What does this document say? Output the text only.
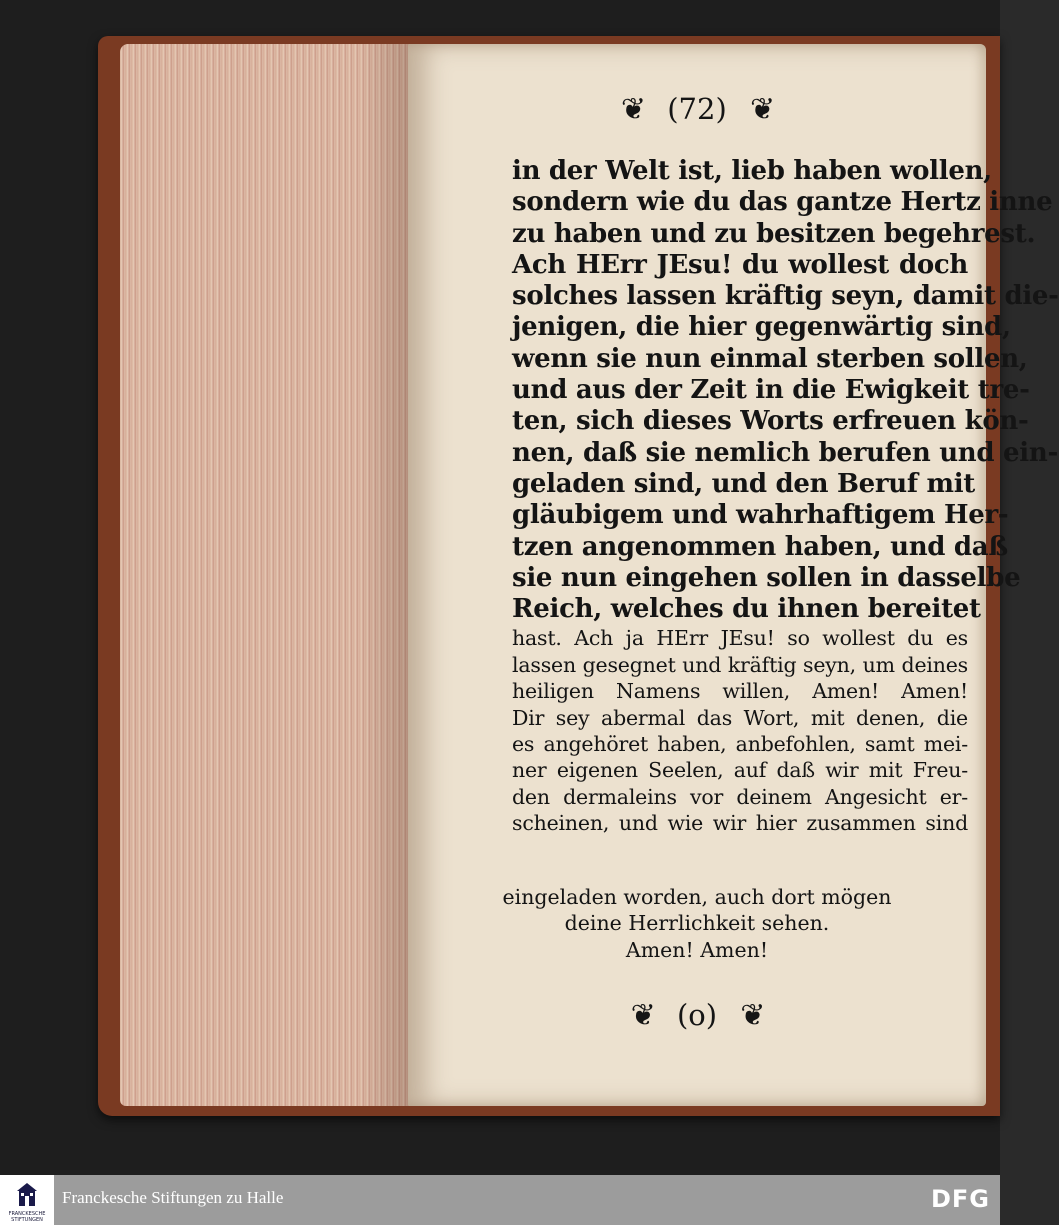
❦ (72) ❦
in der Welt ist, lieb haben wollen,
sondern wie du das gantze Hertz inne
zu haben und zu besitzen begehrest.
Ach HErr JEsu! du wollest doch
solches lassen kräftig seyn, damit die-
jenigen, die hier gegenwärtig sind,
wenn sie nun einmal sterben sollen,
und aus der Zeit in die Ewigkeit tre-
ten, sich dieses Worts erfreuen kön-
nen, daß sie nemlich berufen und ein-
geladen sind, und den Beruf mit
gläubigem und wahrhaftigem Her-
tzen angenommen haben, und daß
sie nun eingehen sollen in dasselbe
Reich, welches du ihnen bereitet
hast. Ach ja HErr JEsu! so wollest du es
lassen gesegnet und kräftig seyn, um deines
heiligen Namens willen, Amen! Amen!
Dir sey abermal das Wort, mit denen, die
es angehöret haben, anbefohlen, samt mei-
ner eigenen Seelen, auf daß wir mit Freu-
den dermaleins vor deinem Angesicht er-
scheinen, und wie wir hier zusammen sind
eingeladen worden, auch dort mögen
deine Herrlichkeit sehen.
Amen! Amen!
❦ (o) ❦
FRANCKESCHE STIFTUNGEN
Franckesche Stiftungen zu Halle	DFG
